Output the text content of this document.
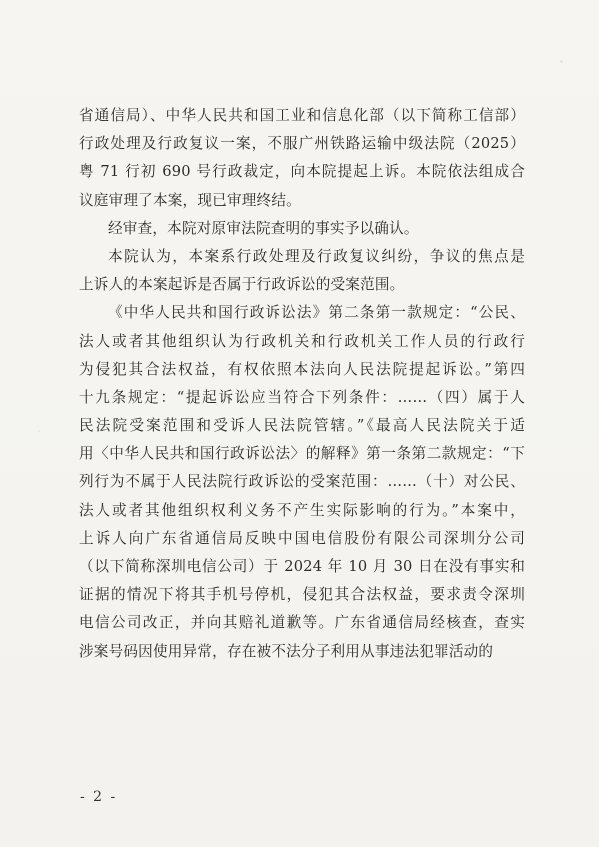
省通信局）、中华人民共和国工业和信息化部（以下简称工信部）
行政处理及行政复议一案，不服广州铁路运输中级法院（2025）
粤 71 行初 690 号行政裁定，向本院提起上诉。本院依法组成合
议庭审理了本案，现已审理终结。
经审查，本院对原审法院查明的事实予以确认。
本院认为，本案系行政处理及行政复议纠纷，争议的焦点是
上诉人的本案起诉是否属于行政诉讼的受案范围。
《中华人民共和国行政诉讼法》第二条第一款规定：“公民、
法人或者其他组织认为行政机关和行政机关工作人员的行政行
为侵犯其合法权益，有权依照本法向人民法院提起诉讼。”第四
十九条规定：“提起诉讼应当符合下列条件：……（四）属于人
民法院受案范围和受诉人民法院管辖。”《最高人民法院关于适
用〈中华人民共和国行政诉讼法〉的解释》第一条第二款规定：“下
列行为不属于人民法院行政诉讼的受案范围：……（十）对公民、
法人或者其他组织权利义务不产生实际影响的行为。”本案中，
上诉人向广东省通信局反映中国电信股份有限公司深圳分公司
（以下简称深圳电信公司）于 2024 年 10 月 30 日在没有事实和
证据的情况下将其手机号停机，侵犯其合法权益，要求责令深圳
电信公司改正，并向其赔礼道歉等。广东省通信局经核查，查实
涉案号码因使用异常，存在被不法分子利用从事违法犯罪活动的
- 2 -
